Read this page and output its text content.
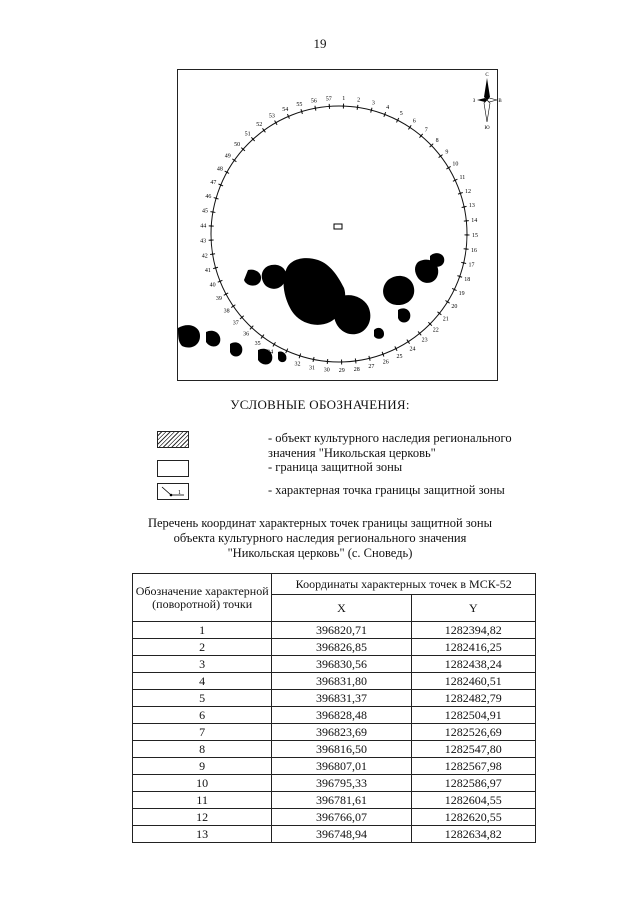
19
С
Ю
З	В
1 2 3
4
5
6
7
8
9
10
11
12
13
14
15
16
17
18
19
20
21
22
23
24
25
26
27
28
29
30
31
32
33
34
35
36
37
38
39
40
41
42
43
44
45
46
47
48
49
50
51
52
53
54
55
56 57
УСЛОВНЫЕ ОБОЗНАЧЕНИЯ:
- объект культурного наследия регионального значения "Никольская церковь"
- граница защитной зоны
1	- характерная точка границы защитной зоны
Перечень координат характерных точек границы защитной зоны
объекта культурного наследия регионального значения
"Никольская церковь" (с. Сноведь)
Обозначение характерной (поворотной) точки	Координаты характерных точек в МСК-52	
	X	Y
1	396820,71	1282394,82
2	396826,85	1282416,25
3	396830,56	1282438,24
4	396831,80	1282460,51
5	396831,37	1282482,79
6	396828,48	1282504,91
7	396823,69	1282526,69
8	396816,50	1282547,80
9	396807,01	1282567,98
10	396795,33	1282586,97
11	396781,61	1282604,55
12	396766,07	1282620,55
13	396748,94	1282634,82
